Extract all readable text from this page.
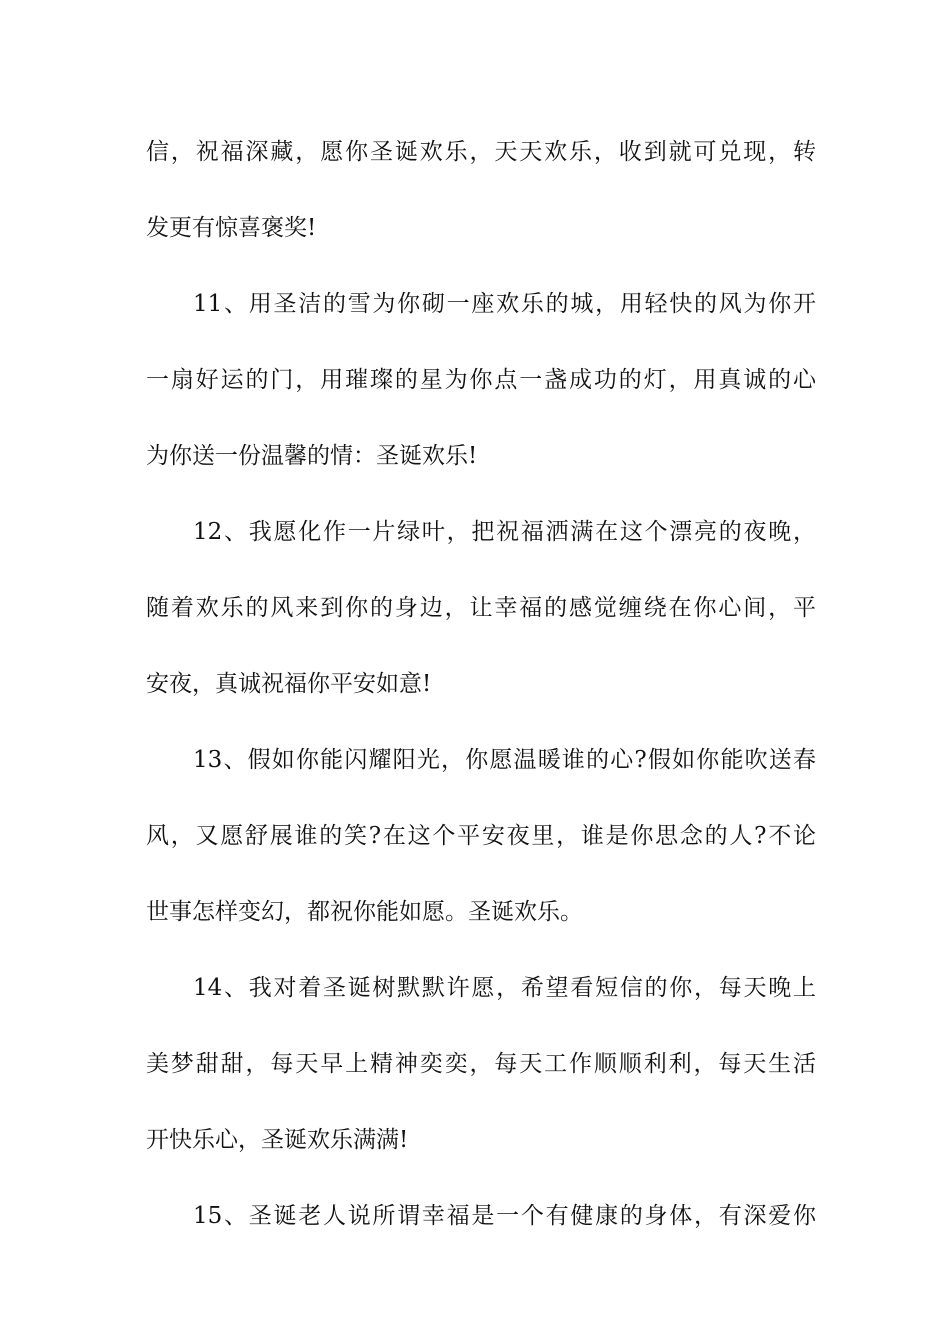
信，祝福深藏，愿你圣诞欢乐，天天欢乐，收到就可兑现，转
发更有惊喜褒奖!
11、用圣洁的雪为你砌一座欢乐的城，用轻快的风为你开
一扇好运的门，用璀璨的星为你点一盏成功的灯，用真诚的心
为你送一份温馨的情：圣诞欢乐!
12、我愿化作一片绿叶，把祝福洒满在这个漂亮的夜晚，
随着欢乐的风来到你的身边，让幸福的感觉缠绕在你心间，平
安夜，真诚祝福你平安如意!
13、假如你能闪耀阳光，你愿温暖谁的心?假如你能吹送春
风，又愿舒展谁的笑?在这个平安夜里，谁是你思念的人?不论
世事怎样变幻，都祝你能如愿。圣诞欢乐。
14、我对着圣诞树默默许愿，希望看短信的你，每天晚上
美梦甜甜，每天早上精神奕奕，每天工作顺顺利利，每天生活
开快乐心，圣诞欢乐满满!
15、圣诞老人说所谓幸福是一个有健康的身体，有深爱你
